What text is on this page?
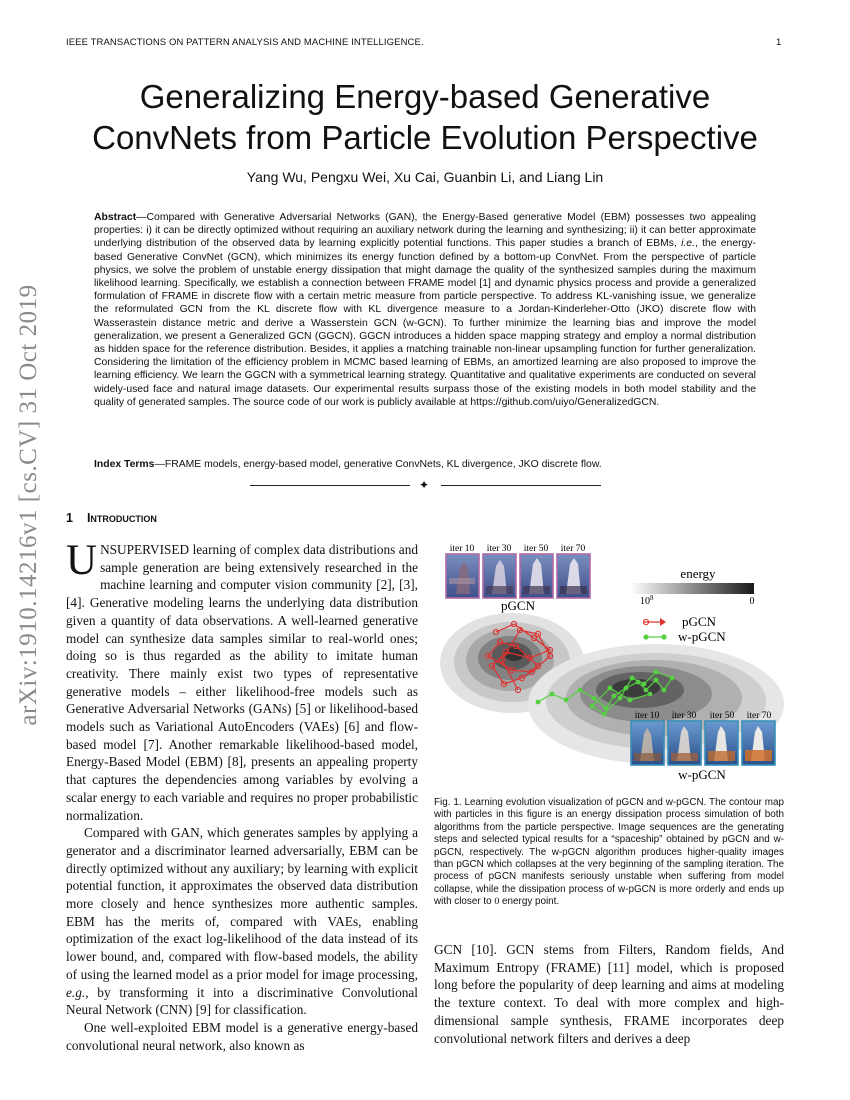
IEEE TRANSACTIONS ON PATTERN ANALYSIS AND MACHINE INTELLIGENCE.	1
arXiv:1910.14216v1 [cs.CV] 31 Oct 2019
Generalizing Energy-based Generative
ConvNets from Particle Evolution Perspective
Yang Wu, Pengxu Wei, Xu Cai, Guanbin Li, and Liang Lin
Abstract—Compared with Generative Adversarial Networks (GAN), the Energy-Based generative Model (EBM) possesses two appealing properties: i) it can be directly optimized without requiring an auxiliary network during the learning and synthesizing; ii) it can better approximate underlying distribution of the observed data by learning explicitly potential functions. This paper studies a branch of EBMs, i.e., the energy-based Generative ConvNet (GCN), which minimizes its energy function defined by a bottom-up ConvNet. From the perspective of particle physics, we solve the problem of unstable energy dissipation that might damage the quality of the synthesized samples during the maximum likelihood learning. Specifically, we establish a connection between FRAME model [1] and dynamic physics process and provide a generalized formulation of FRAME in discrete flow with a certain metric measure from particle perspective. To address KL-vanishing issue, we generalize the reformulated GCN from the KL discrete flow with KL divergence measure to a Jordan-Kinderleher-Otto (JKO) discrete flow with Wasserastein distance metric and derive a Wasserstein GCN (w-GCN). To further minimize the learning bias and improve the model generalization, we present a Generalized GCN (GGCN). GGCN introduces a hidden space mapping strategy and employ a normal distribution as hidden space for the reference distribution. Besides, it applies a matching trainable non-linear upsampling function for further generalization. Considering the limitation of the efficiency problem in MCMC based learning of EBMs, an amortized learning are also proposed to improve the learning efficiency. We learn the GGCN with a symmetrical learning strategy. Quantitative and qualitative experiments are conducted on several widely-used face and natural image datasets. Our experimental results surpass those of the existing models in both model stability and the quality of generated samples. The source code of our work is publicly available at https://github.com/uiyo/GeneralizedGCN.
Index Terms—FRAME models, energy-based model, generative ConvNets, KL divergence, JKO discrete flow.
✦
1 Introduction

UNSUPERVISED learning of complex data distributions and sample generation are being extensively researched in the machine learning and computer vision community [2], [3], [4]. Generative modeling learns the underlying data distribution given a quantity of data observations. A well-learned generative model can synthesize data samples similar to real-world ones; doing so is thus regarded as the ability to imitate human creativity. There mainly exist two types of representative generative models – either likelihood-free models such as Generative Adversarial Networks (GANs) [5] or likelihood-based models such as Variational AutoEncoders (VAEs) [6] and flow-based model [7]. Another remarkable likelihood-based model, Energy-Based Model (EBM) [8], presents an appealing property that captures the dependencies among variables by evolving a scalar energy to each variable and requires no proper probabilistic normalization.

Compared with GAN, which generates samples by applying a generator and a discriminator learned adversarially, EBM can be directly optimized without any auxiliary; by learning with explicit potential function, it approximates the observed data distribution more closely and hence synthesizes more authentic samples. EBM has the merits of, compared with VAEs, enabling optimization of the exact log-likelihood of the data instead of its lower bound, and, compared with flow-based models, the ability of using the learned model as a prior model for image processing, e.g., by transforming it into a discriminative Convolutional Neural Network (CNN) [9] for classification.

One well-exploited EBM model is a generative energy-based convolutional neural network, also known as

iter 10 iter 30 iter 50 iter 70
pGCN
energy
$10^8$	0
pGCN
w-pGCN
iter 10 iter 30 iter 50 iter 70
w-pGCN
Fig. 1. Learning evolution visualization of pGCN and w-pGCN. The contour map with particles in this figure is an energy dissipation process simulation of both algorithms from the particle perspective. Image sequences are the generating steps and selected typical results for a “spaceship” obtained by pGCN and w-pGCN, respectively. The w-pGCN algorithm produces higher-quality images than pGCN which collapses at the very beginning of the sampling iteration. The process of pGCN manifests seriously unstable when suffering from model collapse, while the dissipation process of w-pGCN is more orderly and ends up with closer to 0 energy point.

GCN [10]. GCN stems from Filters, Random fields, And Maximum Entropy (FRAME) [11] model, which is proposed long before the popularity of deep learning and aims at modeling the texture context. To deal with more complex and high-dimensional sample synthesis, FRAME incorporates deep convolutional network filters and derives a deep
